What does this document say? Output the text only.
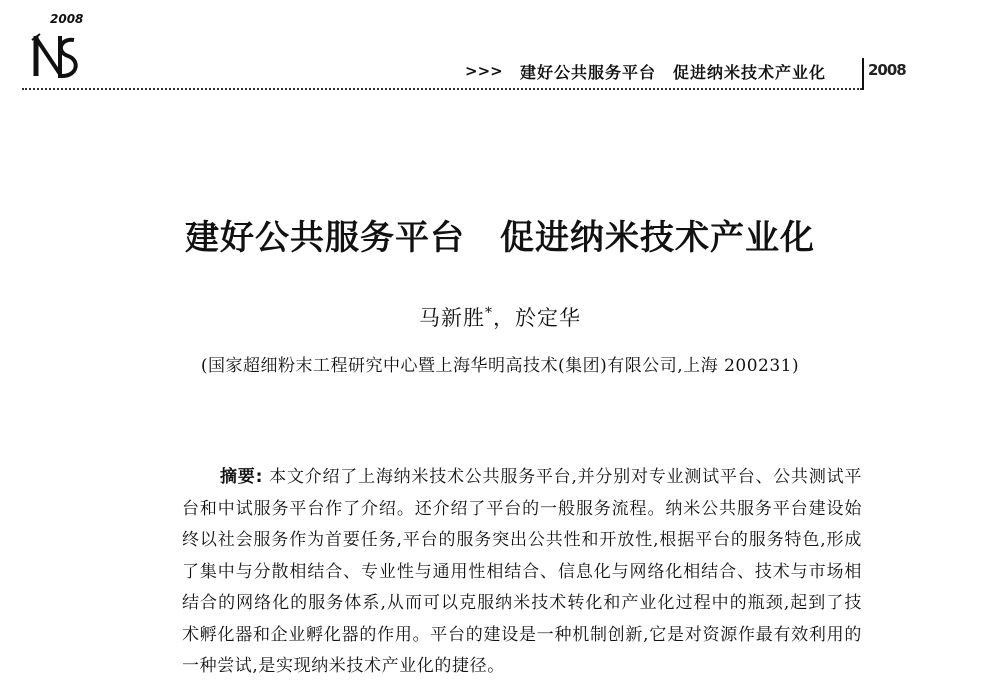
2008
>>> 建好公共服务平台　促进纳米技术产业化	2008
建好公共服务平台　促进纳米技术产业化
马新胜*，於定华
(国家超细粉末工程研究中心暨上海华明高技术(集团)有限公司,上海 200231)
摘要: 本文介绍了上海纳米技术公共服务平台,并分别对专业测试平台、公共测试平台和中试服务平台作了介绍。还介绍了平台的一般服务流程。纳米公共服务平台建设始终以社会服务作为首要任务,平台的服务突出公共性和开放性,根据平台的服务特色,形成了集中与分散相结合、专业性与通用性相结合、信息化与网络化相结合、技术与市场相结合的网络化的服务体系,从而可以克服纳米技术转化和产业化过程中的瓶颈,起到了技术孵化器和企业孵化器的作用。平台的建设是一种机制创新,它是对资源作最有效利用的一种尝试,是实现纳米技术产业化的捷径。
